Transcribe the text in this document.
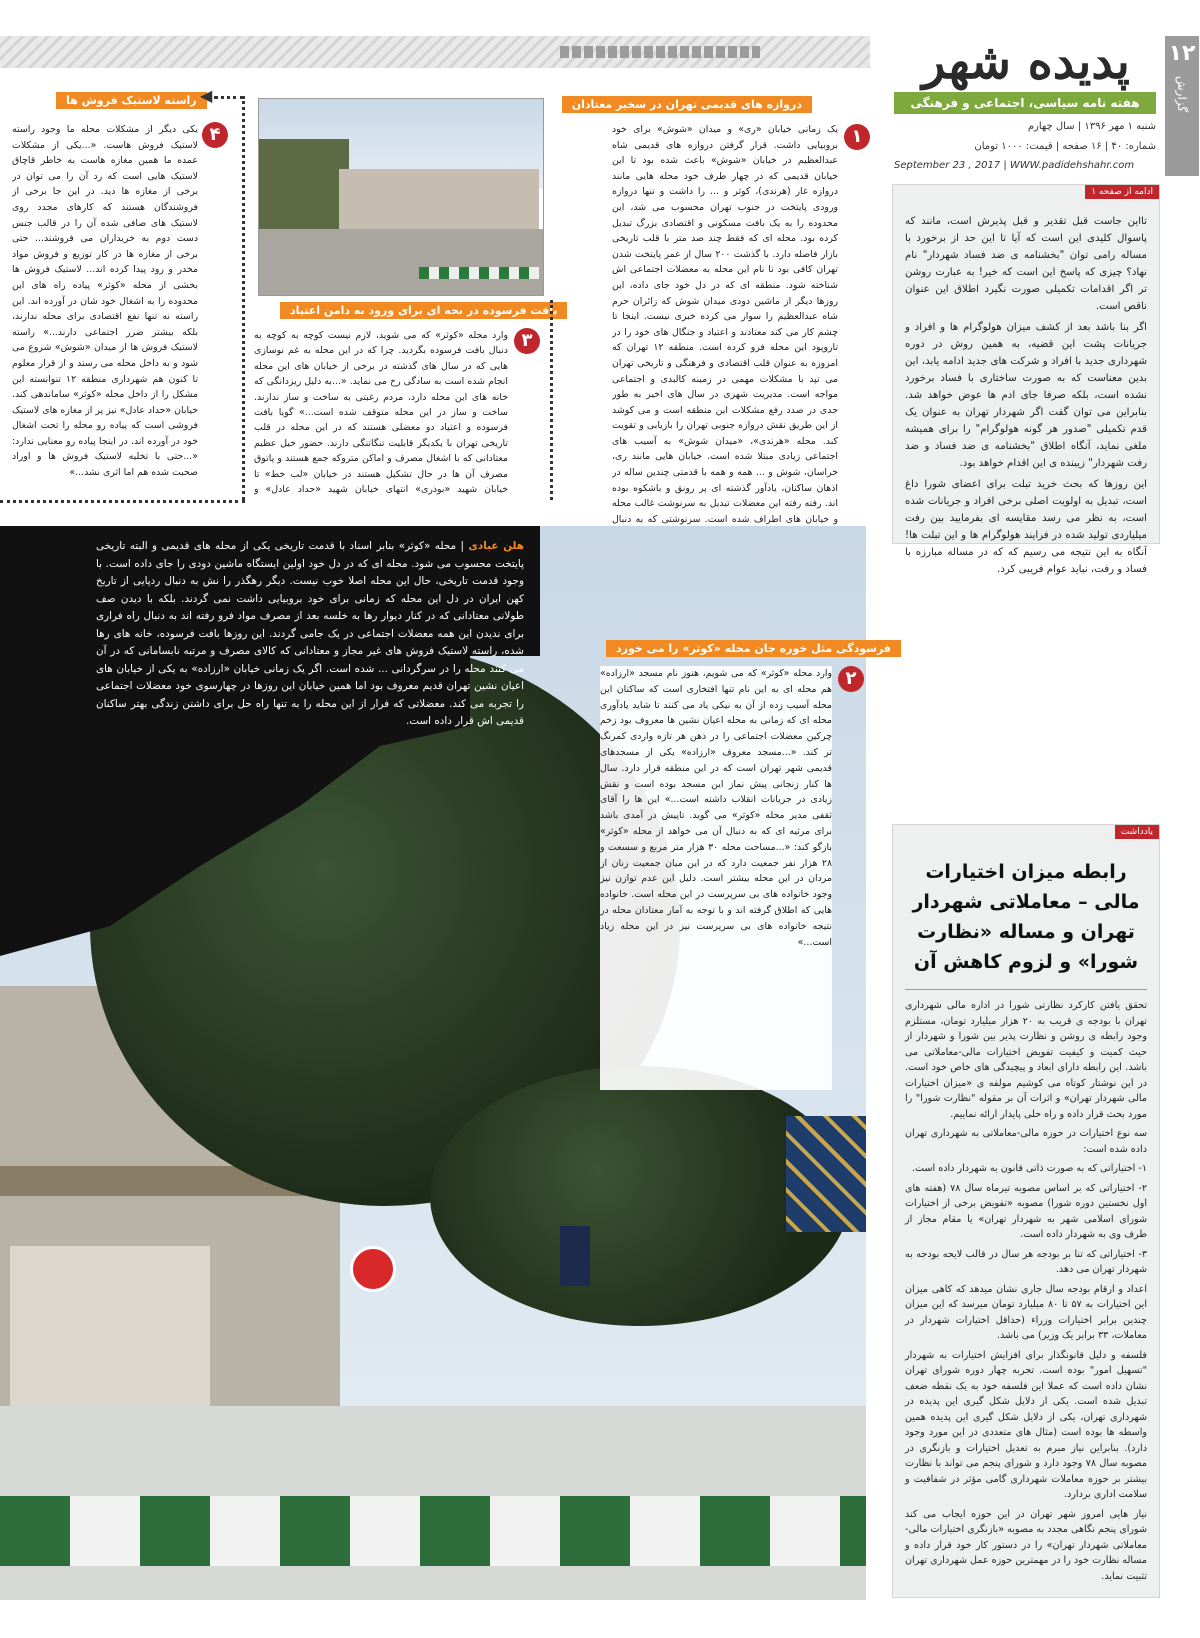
۱۲
گزارش
پدیده شهر
هفته نامه سیاسی، اجتماعی و فرهنگی
شنبه ۱ مهر ۱۳۹۶ | سال چهارم
شماره: ۴۰ | ۱۶ صفحه | قیمت: ۱۰۰۰ تومان
September 23 , 2017 | WWW.padidehshahr.com
ادامه از صفحه ۱

تااین جاست قبل تقدیر و قبل پذیرش است، مانند که پاسوال کلیدی این است که آیا تا این حد از برخورد با مساله رامی توان "بخشنامه ی ضد فساد شهردار" نام نهاد؟ چیزی که پاسخ این است که خیر! به عبارت روشن تر اگر اقدامات تکمیلی صورت نگیرد اطلاق این عنوان ناقص است.

اگر بنا باشد بعد از کشف میزان هولوگرام ها و افراد و جریانات پشت این قضیه، به همین روش در دوره شهرداری جدید با افراد و شرکت های جدید ادامه یابد، این بدین معناست که به صورت ساختاری با فساد برخورد نشده است، بلکه صرفا جای ادم ها عوض خواهد شد. بنابراین می توان گفت اگر شهردار تهران به عنوان یک قدم تکمیلی "صدور هر گونه هولوگرام" را برای همیشه ملغی نماید، آنگاه اطلاق "بخشنامه ی ضد فساد و ضد رفت شهردار" زیبنده ی این اقدام خواهد بود.

این روزها که بحث خرید تبلت برای اعضای شورا داغ است، تبدیل به اولویت اصلی برخی افراد و جریانات شده است، به نظر می رسد مقایسه ای بفرمایید بین رفت میلیاردی تولید شده در فرایند هولوگرام ها و این تبلت ها! آنگاه به این نتیجه می رسیم که که در مساله مبارزه با فساد و رفت، نباید عوام فریبی کرد.

یادداشت
رابطه میزان اختیارات مالی – معاملاتی شهردار تهران و مساله «نظارت شورا» و لزوم کاهش آن

تحقق یافتن کارکرد نظارتی شورا در اداره مالی شهرداری تهران با بودجه ی قریب به ۲۰ هزار میلیارد تومان، مستلزم وجود رابطه ی روشن و نظارت پذیر بین شورا و شهردار از حیث کمیت و کیفیت تفویض اختیارات مالی-معاملاتی می باشد. این رابطه دارای ابعاد و پیچیدگی های خاص خود است. در این نوشتار کوتاه می کوشیم مولفه ی «میزان اختیارات مالی شهردار تهران» و اثرات آن بر مقوله "نظارت شورا" را مورد بحث قرار داده و راه حلی پایدار ارائه نماییم.

سه نوع اختیارات در حوزه مالی-معاملاتی به شهرداری تهران داده شده است:

۱- اختیاراتی که به صورت ذاتی قانون به شهردار داده است.

۲- اختیاراتی که بر اساس مصوبه تیرماه سال ۷۸ (هفته های اول نخستین دوره شورا) مصوبه «تفویض برخی از اختیارات شورای اسلامی شهر به شهردار تهران» یا مقام مجاز از طرف وی به شهردار داده است.

۳- اختیاراتی که تنا بر بودجه هر سال در قالب لایحه بودجه به شهردار تهران می دهد.

اعداد و ارقام بودجه سال جاری نشان میدهد که کاهی میزان این اختیارات به ۵۷ تا ۸۰ میلیارد تومان میرسد که این میزان چندین برابر اختیارات وزراء (حداقل اختیارات شهردار در معاملات، ۳۳ برابر یک وزیر) می باشد.

فلسفه و دلیل قانونگذار برای افزایش اختیارات به شهردار "تسهیل امور" بوده است. تجربه چهار دوره شورای تهران نشان داده است که عملا این فلسفه خود به یک نقطه ضعف تبدیل شده است. یکی از دلایل شکل گیری این پدیده در شهرداری تهران، یکی از دلایل شکل گیری این پدیده همین واسطه ها بوده است (مثال های متعددی در این مورد وجود دارد). بنابراین نیاز مبرم به تعدیل اختیارات و بازنگری در مصوبه سال ۷۸ وجود دارد و شورای پنجم می تواند با نظارت بیشتر بر حوزه معاملات شهرداری گامی مؤثر در شفافیت و سلامت اداری بردارد.

نیاز هایی امروز شهر تهران در این حوزه ایجاب می کند شورای پنجم نگاهی مجدد به مصوبه «بازنگری اختیارات مالی-معاملاتی شهردار تهران» را در دستور کار خود قرار داده و مساله نظارت خود را در مهمترین حوزه عمل شهرداری تهران تثبیت نماید.

دروازه های قدیمی تهران در سخیر معتادان
۱

یک زمانی خیابان «ری» و میدان «شوش» برای خود بروبیایی داشت. قرار گرفتن دروازه های قدیمی شاه عبدالعظیم در خیابان «شوش» باعث شده بود تا این خیابان قدیمی که در چهار طرف خود محله هایی مانند دروازه غار (هرندی)، کوثر و ... را داشت و تنها دروازه ورودی پایتخت در جنوب تهران محسوب می شد، این محدوده را به یک بافت مسکونی و اقتصادی بزرگ تبدیل کرده بود. محله ای که فقط چند صد متر با قلب تاریخی بازار فاصله دارد. با گذشت ۲۰۰ سال از عمر پایتخت شدن تهران کافی بود تا نام این محله به معضلات اجتماعی اش شناخته شود. منطقه ای که در دل خود جای داده، این روزها دیگر از ماشین دودی میدان شوش که زائران حرم شاه عبدالعظیم را سوار می کرده خبری نیست. اینجا تا چشم کار می کند معتادند و اعتیاد و جنگال های خود را در تاروپود این محله فرو کرده است. منطقه ۱۲ تهران که امروزه به عنوان قلب اقتصادی و فرهنگی و تاریخی تهران می تپد با مشکلات مهمی در زمینه کالبدی و اجتماعی مواجه است. مدیریت شهری در سال های اخیر به طور جدی در صدد رفع مشکلات این منطقه است و می کوشد از این طریق نقش دروازه جنوبی تهران را بازیابی و تقویت کند. محله «هرندی»، «میدان شوش» به آسیب های اجتماعی زیادی مبتلا شده است. خیابان هایی مانند ری، خراسان، شوش و ... همه و همه با قدمتی چندین ساله در اذهان ساکنان، یادآور گذشته ای پر رونق و باشکوه بوده اند. رفته رفته این معضلات تبدیل به سرنوشت غالب محله و خیابان های اطراف شده است. سرنوشتی که به دنبال

بافت فرسوده در بحه ای برای ورود به دامن اعتیاد
۳

وارد محله «کوثر» که می شوید، لازم نیست کوچه به کوچه به دنبال بافت فرسوده بگردید. چرا که در این محله به غم نوسازی هایی که در سال های گذشته در برخی از خیابان های این محله انجام شده است به سادگی رخ می نماید. «...به دلیل ریزدانگی که خانه های این محله دارد، مردم رغبتی به ساخت و ساز ندارند. ساخت و ساز در این محله متوقف شده است...» گویا بافت فرسوده و اعتیاد دو معضلی هستند که در این محله در قلب تاریخی تهران با یکدیگر قابلیت تنگاتنگی دارند. حضور خیل عظیم معتادانی که با اشغال مصرف و اماکن متروکه جمع هستند و پاتوق مصرف آن ها در حال تشکیل هستند در خیابان «لب خط» تا خیابان شهید «بوذری» انتهای خیابان شهید «حداد عادل» و

راسته لاستیک فروش ها ◀
۴

یکی دیگر از مشکلات محله ما وجود راسته لاستیک فروش هاست. «...یکی از مشکلات عمده ما همین مغازه هاست به خاطر قاچاق لاستیک هایی است که رد آن را می توان در برخی از مغازه ها دید. در این جا برخی از فروشندگان هستند که کارهای مجدد روی لاستیک های صافی شده آن را در قالب جنس دست دوم به خریداران می فروشند... حتی برخی از مغازه ها در کار توزیع و فروش مواد مخدر و رود پیدا کرده اند... لاستیک فروش ها بخشی از محله «کوثر» پیاده راه های این محدوده را به اشغال خود شان در آورده اند. این راسته نه تنها نفع اقتصادی برای محله ندارند، بلکه بیشتر ضرر اجتماعی دارند...» راسته لاستیک فروش ها از میدان «شوش» شروع می شود و به داخل محله می رسند و از قرار معلوم تا کنون هم شهرداری منطقه ۱۲ تنوانسته این مشکل را از داخل محله «کوثر» ساماندهی کند. خیابان «حداد عادل» نیز پر از مغازه های لاستیک فروشی است که پیاده رو محله را تحت اشغال خود در آورده اند. در اینجا پیاده رو معنایی ندارد: «...حتی با تخلیه لاستیک فروش ها و اوراد صحبت شده هم اما اثری نشد...»

هلن عبادی | محله «کوثر» بنابر اسناد با قدمت تاریخی یکی از محله های قدیمی و البته تاریخی پایتخت محسوب می شود. محله ای که در دل خود اولین ایستگاه ماشین دودی را جای داده است. با وجود قدمت تاریخی، حال این محله اصلا خوب نیست. دیگر رهگذر را نش به دنبال ردپایی از تاریخ کهن ایران در دل این محله که زمانی برای خود بروبیایی داشت نمی گردند. بلکه با دیدن صف طولانی معتادانی که در کنار دیوار رها به خلسه بعد از مصرف مواد فرو رفته اند به دنبال راه فراری برای ندیدن این همه معضلات اجتماعی در یک جامی گردند. این روزها بافت فرسوده، خانه های رها شده، راسته لاستیک فروش های غیر مجاز و معتادانی که کالای مصرف و مرتبه نابسامانی که در آن می کنند محله را در سرگردانی ... شده است. اگر یک زمانی خیابان «ارزاده» به یکی از خیابان های اعیان نشین تهران قدیم معروف بود اما همین خیابان این روزها در چهارسوی خود معضلات اجتماعی را تجربه می کند. معضلاتی که فرار از این محله را به تنها راه حل برای داشتن زندگی بهتر ساکنان قدیمی اش قرار داده است.

فرسودگی مثل خوره جان محله «کوثر» را می خورد
۲

وارد محله «کوثر» که می شویم، هنوز نام مسجد «ارزاده» هم محله ای به این نام تنها افتخاری است که ساکنان این محله آسیب زده از آن به نیکی یاد می کنند تا شاید یادآوری محله ای که زمانی به محله اعیان نشین ها معروف بود زخم چرکین معضلات اجتماعی را در ذهن هر تازه واردی کمرنگ تر کند. «...مسجد معروف «ارزاده» یکی از مسجدهای قدیمی شهر تهران است که در این منطقه قرار دارد. سال ها کنار زنجانی پیش نماز این مسجد بوده است و نقش زیادی در جریانات انقلاب داشته است...» این ها را آقای ثقفی مدیر محله «کوثر» می گوید. تاپیش در آمدی باشد برای مرثیه ای که به دنبال آن می خواهد از محله «کوثر» بازگو کند: «...مساحت محله ۳۰ هزار متر مربع و سسعت و ۲۸ هزار نفر جمعیت دارد که در این میان جمعیت زنان از مردان در این محله بیشتر است. دلیل این عدم توازن نیز وجود خانواده های بی سرپرست در این محله است. خانواده هایی که اطلاق گرفته اند و با توجه به آمار معتادان محله در نتیجه خانواده های بی سرپرست نیز در این محله زیاد است...»
